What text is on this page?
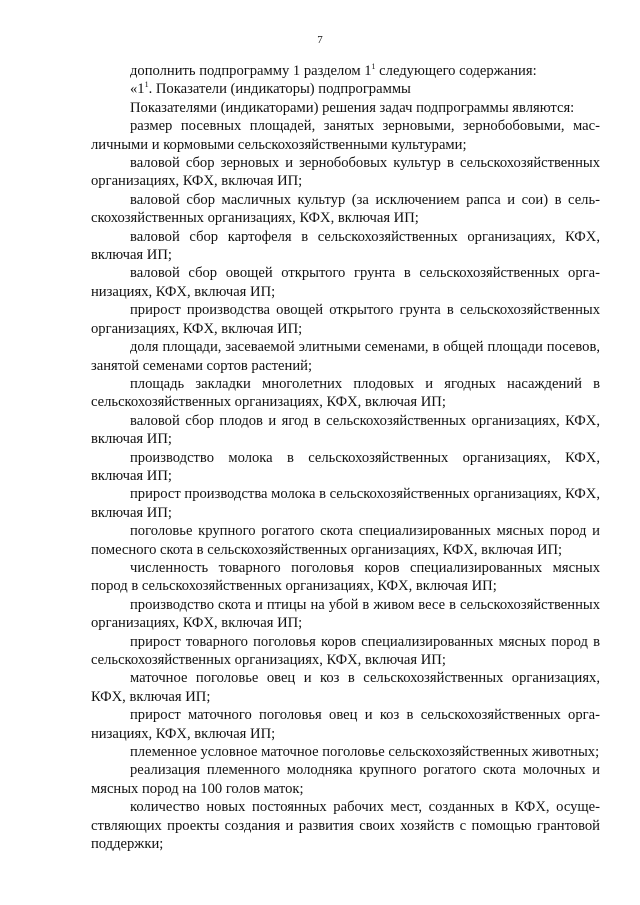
7

дополнить подпрограмму 1 разделом $1^1$ следующего содержания:

«$1^1$. Показатели (индикаторы) подпрограммы

Показателями (индикаторами) решения задач подпрограммы являются:

размер посевных площадей, занятых зерновыми, зернобобовыми, масличными и кормовыми сельскохозяйственными культурами;

валовой сбор зерновых и зернобобовых культур в сельскохозяйственных организациях, КФХ, включая ИП;

валовой сбор масличных культур (за исключением рапса и сои) в сельскохозяйственных организациях, КФХ, включая ИП;

валовой сбор картофеля в сельскохозяйственных организациях, КФХ, включая ИП;

валовой сбор овощей открытого грунта в сельскохозяйственных организациях, КФХ, включая ИП;

прирост производства овощей открытого грунта в сельскохозяйственных организациях, КФХ, включая ИП;

доля площади, засеваемой элитными семенами, в общей площади посевов, занятой семенами сортов растений;

площадь закладки многолетних плодовых и ягодных насаждений в сельскохозяйственных организациях, КФХ, включая ИП;

валовой сбор плодов и ягод в сельскохозяйственных организациях, КФХ, включая ИП;

производство молока в сельскохозяйственных организациях, КФХ, включая ИП;

прирост производства молока в сельскохозяйственных организациях, КФХ, включая ИП;

поголовье крупного рогатого скота специализированных мясных пород и помесного скота в сельскохозяйственных организациях, КФХ, включая ИП;

численность товарного поголовья коров специализированных мясных пород в сельскохозяйственных организациях, КФХ, включая ИП;

производство скота и птицы на убой в живом весе в сельскохозяйственных организациях, КФХ, включая ИП;

прирост товарного поголовья коров специализированных мясных пород в сельскохозяйственных организациях, КФХ, включая ИП;

маточное поголовье овец и коз в сельскохозяйственных организациях, КФХ, включая ИП;

прирост маточного поголовья овец и коз в сельскохозяйственных организациях, КФХ, включая ИП;

племенное условное маточное поголовье сельскохозяйственных животных;

реализация племенного молодняка крупного рогатого скота молочных и мясных пород на 100 голов маток;

количество новых постоянных рабочих мест, созданных в КФХ, осуществляющих проекты создания и развития своих хозяйств с помощью грантовой поддержки;
